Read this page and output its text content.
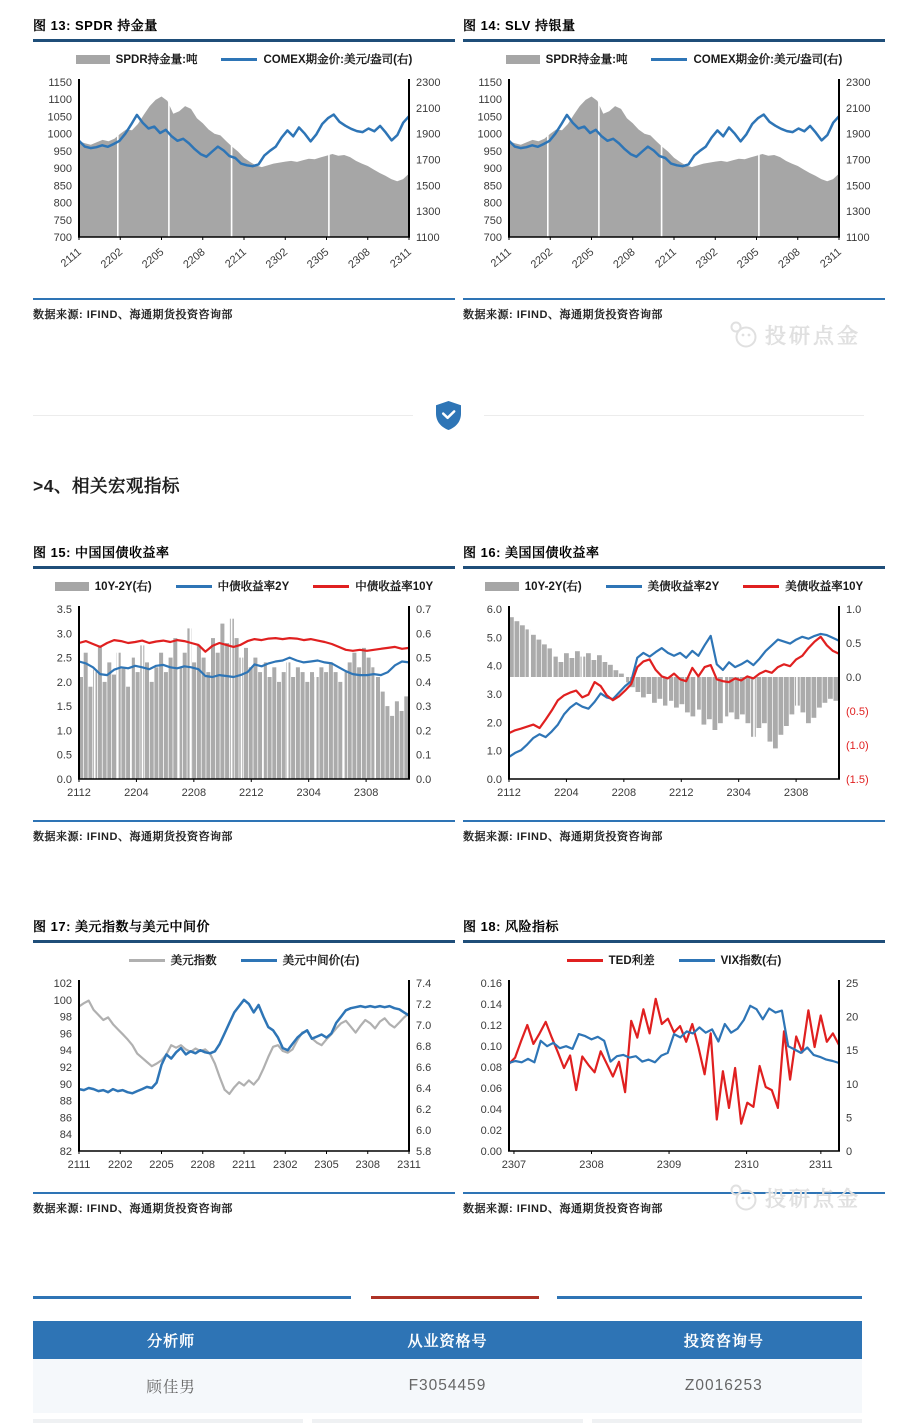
图 13: SPDR 持金量
SPDR持金量:吨	COMEX期金价:美元/盎司(右)
700
750
800
850
900
950
1000
1050
1100
1150
1100
1300
1500
1700
1900
2100
2300
2111 2202 2205 2208 2211 2302 2305 2308 2311
数据来源: IFIND、海通期货投资咨询部
图 14: SLV 持银量
SPDR持金量:吨	COMEX期金价:美元/盎司(右)
700
750
800
850
900
950
1000
1050
1100
1150
1100
1300
1500
1700
1900
2100
2300
2111 2202 2205 2208 2211 2302 2305 2308 2311
数据来源: IFIND、海通期货投资咨询部
投研点金
>4、相关宏观指标
图 15: 中国国债收益率
10Y-2Y(右)	中债收益率2Y	中债收益率10Y
0.0
0.5
1.0
1.5
2.0
2.5
3.0
3.5
0.0
0.1
0.2
0.3
0.4
0.5
0.6
0.7
2112	2204	2208	2212	2304	2308
数据来源: IFIND、海通期货投资咨询部
图 16: 美国国债收益率
10Y-2Y(右)	美债收益率2Y	美债收益率10Y
0.0
1.0
2.0
3.0
4.0
5.0
6.0
(1.5)
(1.0)
(0.5)
0.0
0.5
1.0
2112	2204	2208	2212	2304	2308
数据来源: IFIND、海通期货投资咨询部
图 17: 美元指数与美元中间价
美元指数	美元中间价(右)
82
84
86
88
90
92
94
96
98
100
102
5.8
6.0
6.2
6.4
6.6
6.8
7.0
7.2
7.4
2111 2202 2205 2208 2211 2302 2305 2308 2311
数据来源: IFIND、海通期货投资咨询部
图 18: 风险指标
TED利差	VIX指数(右)
0.00
0.02
0.04
0.06
0.08
0.10
0.12
0.14
0.16
0
5
10
15
20
25
2307	2308	2309	2310	2311
数据来源: IFIND、海通期货投资咨询部	投研点金
分析师	从业资格号	投资咨询号
顾佳男	F3054459	Z0016253
